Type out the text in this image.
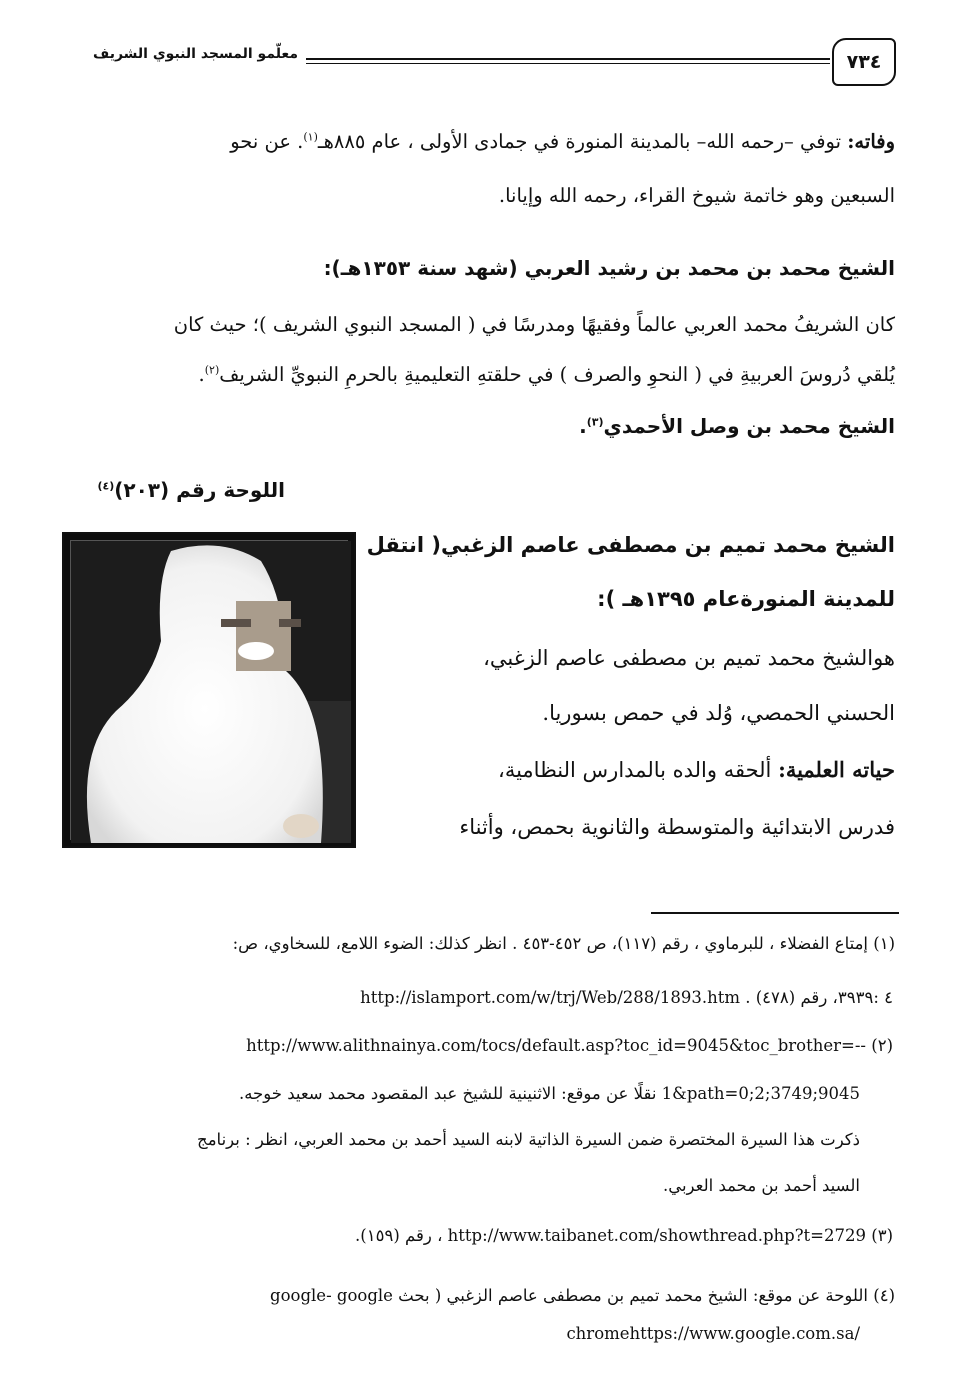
٧٣٤
معلّمو المسجد النبوي الشريف
وفاته: توفي –رحمه الله– بالمدينة المنورة في جمادى الأولى ، عام ٨٨٥هـ$^{(١)}$. عن نحو
السبعين وهو خاتمة شيوخ القراء، رحمه الله وإيانا.
الشيخ محمد بن محمد بن رشيد العربي (شهد سنة ١٣٥٣هـ):
كان الشريفُ محمد العربي عالماً وفقيهًا ومدرسًا في ( المسجد النبوي الشريف )؛ حيث كان
يُلقي دُروسَ العربيةِ في ( النحوِ والصرف ) في حلقتهِ التعليميةِ بالحرمِ النبويِّ الشريف$^{(٢)}$.
الشيخ محمد بن وصل الأحمدي$^{(٣)}$.
اللوحة رقم (٢٠٣)$^{(٤)}$
الشيخ محمد تميم بن مصطفى عاصم الزغبي( انتقل
للمدينة المنورةعام ١٣٩٥هـ ):
هوالشيخ محمد تميم بن مصطفى عاصم الزغبي،
الحسني الحمصي، وُلد في حمص بسوريا.
حياته العلمية: ألحقه والده بالمدارس النظامية،
فدرس الابتدائية والمتوسطة والثانوية بحمص، وأثناء
(١) إمتاع الفضلاء ، للبرماوي ، رقم (١١٧)، ص ٤٥٢-٤٥٣ . انظر كذلك: الضوء اللامع، للسخاوي، ص:
٤ :٣٩٣٩، رقم (٤٧٨) . http://islamport.com/w/trj/Web/288/1893.htm
(٢) http://www.alithnainya.com/tocs/default.asp?toc_id=9045&toc_brother=--
1&path=0;2;3749;9045 نقلًا عن موقع: الاثنينية للشيخ عبد المقصود محمد سعيد خوجه.
ذكرت هذا السيرة المختصرة ضمن السيرة الذاتية لابنه السيد أحمد بن محمد العربي، انظر : برنامج
السيد أحمد بن محمد العربي.
(٣) http://www.taibanet.com/showthread.php?t=2729 ، رقم (١٥٩).
(٤) اللوحة عن موقع: الشيخ محمد تميم بن مصطفى عاصم الزغبي ( بحث google- google
chromehttps://www.google.com.sa/
